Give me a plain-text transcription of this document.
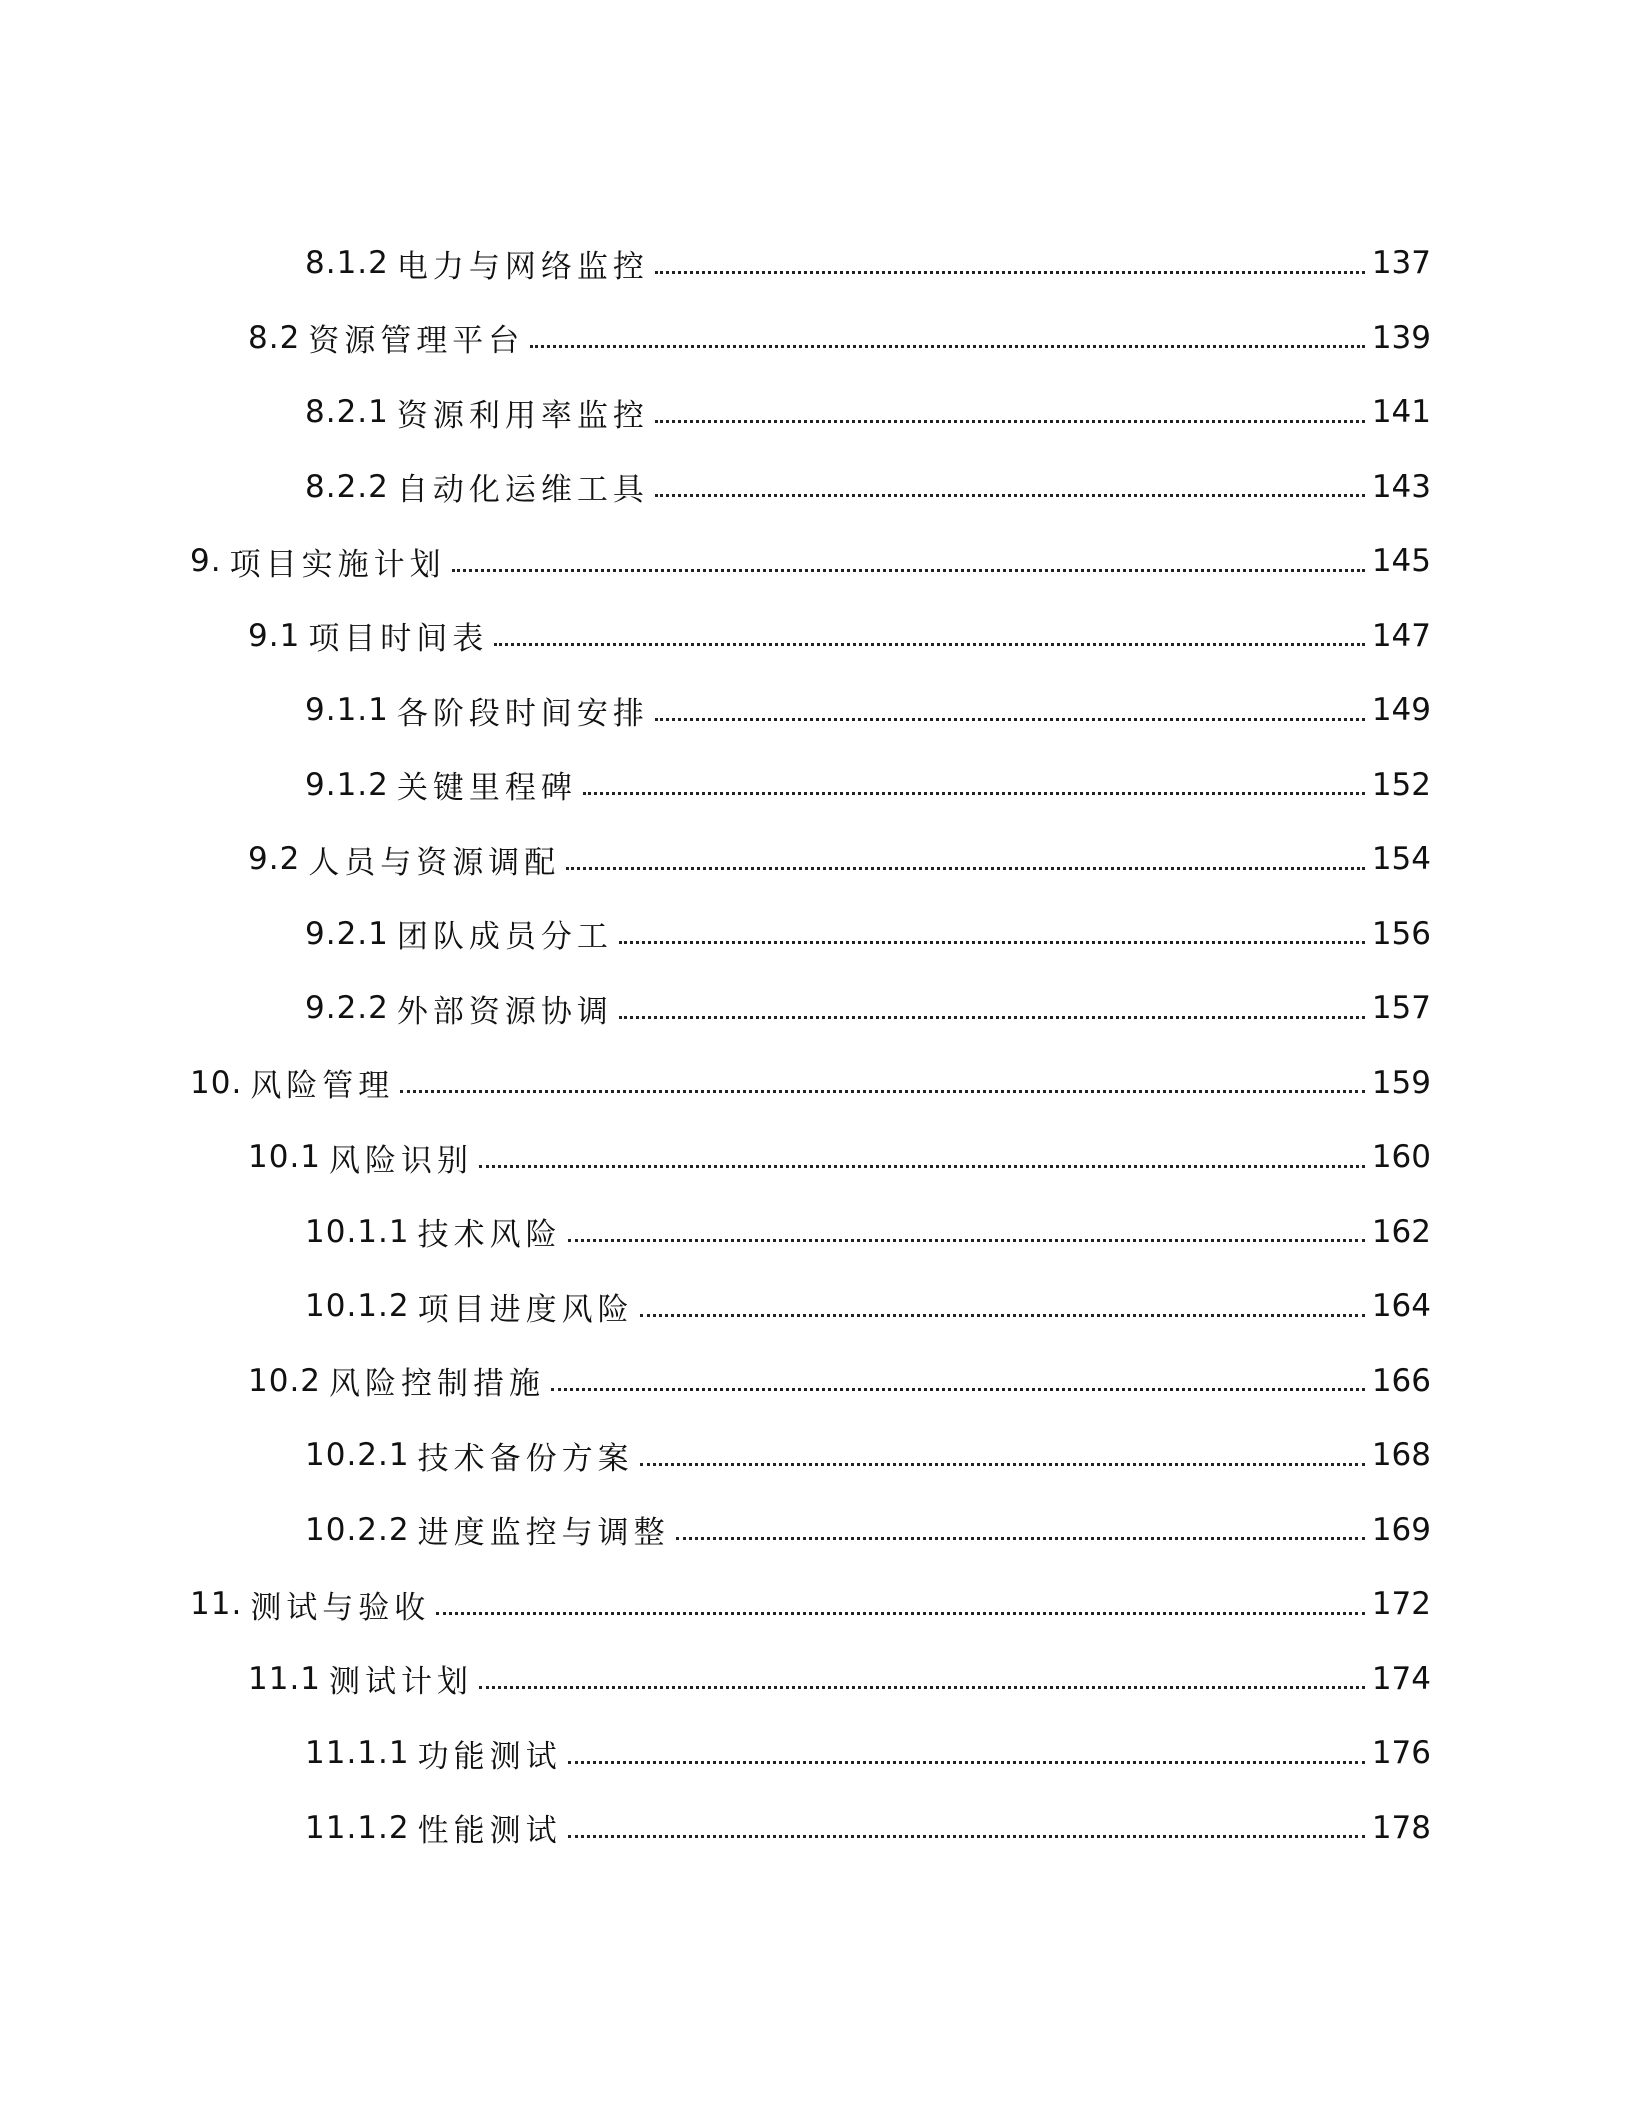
8.1.2 电力与网络监控	137
8.2 资源管理平台	139
8.2.1 资源利用率监控	141
8.2.2 自动化运维工具	143
9. 项目实施计划	145
9.1 项目时间表	147
9.1.1 各阶段时间安排	149
9.1.2 关键里程碑	152
9.2 人员与资源调配	154
9.2.1 团队成员分工	156
9.2.2 外部资源协调	157
10. 风险管理	159
10.1 风险识别	160
10.1.1 技术风险	162
10.1.2 项目进度风险	164
10.2 风险控制措施	166
10.2.1 技术备份方案	168
10.2.2 进度监控与调整	169
11. 测试与验收	172
11.1 测试计划	174
11.1.1 功能测试	176
11.1.2 性能测试	178
